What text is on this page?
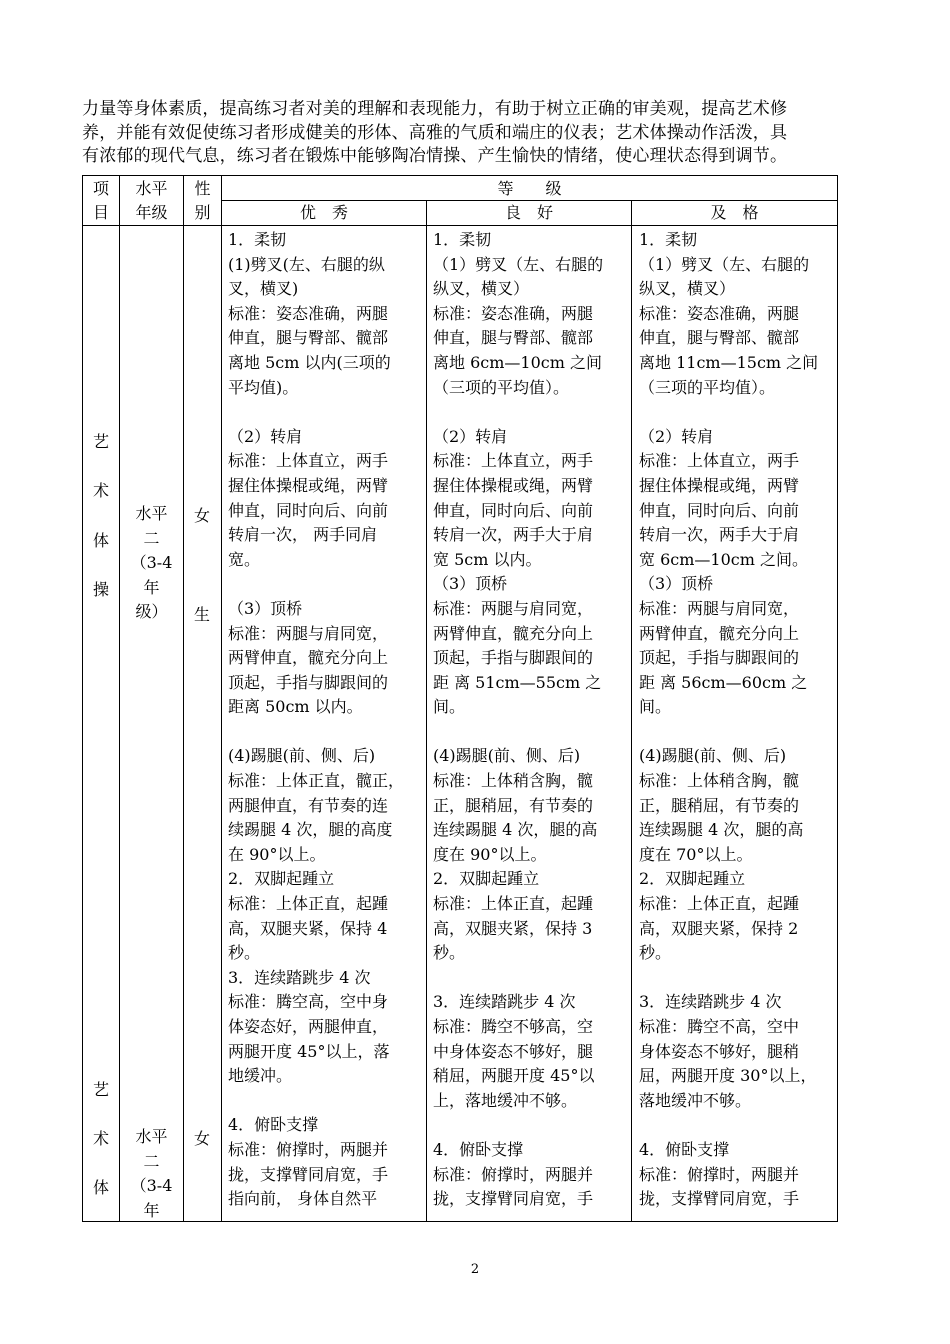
力量等身体素质，提高练习者对美的理解和表现能力，有助于树立正确的审美观，提高艺术修
养，并能有效促使练习者形成健美的形体、高雅的气质和端庄的仪表；艺术体操动作活泼，具
有浓郁的现代气息，练习者在锻炼中能够陶冶情操、产生愉快的情绪，使心理状态得到调节。
项
目
水平
年级
性
别
等　　级
优　秀	良　好	及　格
艺
术
体
操
艺
术
体
水平
二
（3-4
年
级）
水平
二
（3-4
年
女
生
女
1．柔韧
(1)劈叉(左、右腿的纵
叉，横叉)
标准：姿态准确，两腿
伸直，腿与臀部、髋部
离地 5cm 以内(三项的
平均值)。
（2）转肩
标准：上体直立，两手
握住体操棍或绳，两臂
伸直，同时向后、向前
转肩一次， 两手同肩
宽。
（3）顶桥
标准：两腿与肩同宽，
两臂伸直，髋充分向上
顶起，手指与脚跟间的
距离 50cm 以内。
(4)踢腿(前、侧、后)
标准：上体正直，髋正，
两腿伸直，有节奏的连
续踢腿 4 次，腿的高度
在 90°以上。
2．双脚起踵立
标准：上体正直，起踵
高，双腿夹紧，保持 4
秒。
3．连续踏跳步 4 次
标准：腾空高，空中身
体姿态好，两腿伸直，
两腿开度 45°以上，落
地缓冲。
4．俯卧支撑
标准：俯撑时，两腿并
拢，支撑臂同肩宽，手
指向前， 身体自然平
1．柔韧
（1）劈叉（左、右腿的
纵叉，横叉）
标准：姿态准确，两腿
伸直，腿与臀部、髋部
离地 6cm—10cm 之间
（三项的平均值）。
（2）转肩
标准：上体直立，两手
握住体操棍或绳，两臂
伸直，同时向后、向前
转肩一次，两手大于肩
宽 5cm 以内。
（3）顶桥
标准：两腿与肩同宽，
两臂伸直，髋充分向上
顶起，手指与脚跟间的
距 离 51cm—55cm 之
间。
(4)踢腿(前、侧、后)
标准：上体稍含胸，髋
正，腿稍屈，有节奏的
连续踢腿 4 次，腿的高
度在 90°以上。
2．双脚起踵立
标准：上体正直，起踵
高，双腿夹紧，保持 3
秒。
3．连续踏跳步 4 次
标准：腾空不够高，空
中身体姿态不够好，腿
稍屈，两腿开度 45°以
上，落地缓冲不够。
4．俯卧支撑
标准：俯撑时，两腿并
拢，支撑臂同肩宽，手
1．柔韧
（1）劈叉（左、右腿的
纵叉，横叉）
标准：姿态准确，两腿
伸直，腿与臀部、髋部
离地 11cm—15cm 之间
（三项的平均值）。
（2）转肩
标准：上体直立，两手
握住体操棍或绳，两臂
伸直，同时向后、向前
转肩一次，两手大于肩
宽 6cm—10cm 之间。
（3）顶桥
标准：两腿与肩同宽，
两臂伸直，髋充分向上
顶起，手指与脚跟间的
距 离 56cm—60cm 之
间。
(4)踢腿(前、侧、后)
标准：上体稍含胸，髋
正，腿稍屈，有节奏的
连续踢腿 4 次，腿的高
度在 70°以上。
2．双脚起踵立
标准：上体正直，起踵
高，双腿夹紧，保持 2
秒。
3．连续踏跳步 4 次
标准：腾空不高，空中
身体姿态不够好，腿稍
屈，两腿开度 30°以上，
落地缓冲不够。
4．俯卧支撑
标准：俯撑时，两腿并
拢，支撑臂同肩宽，手
2
